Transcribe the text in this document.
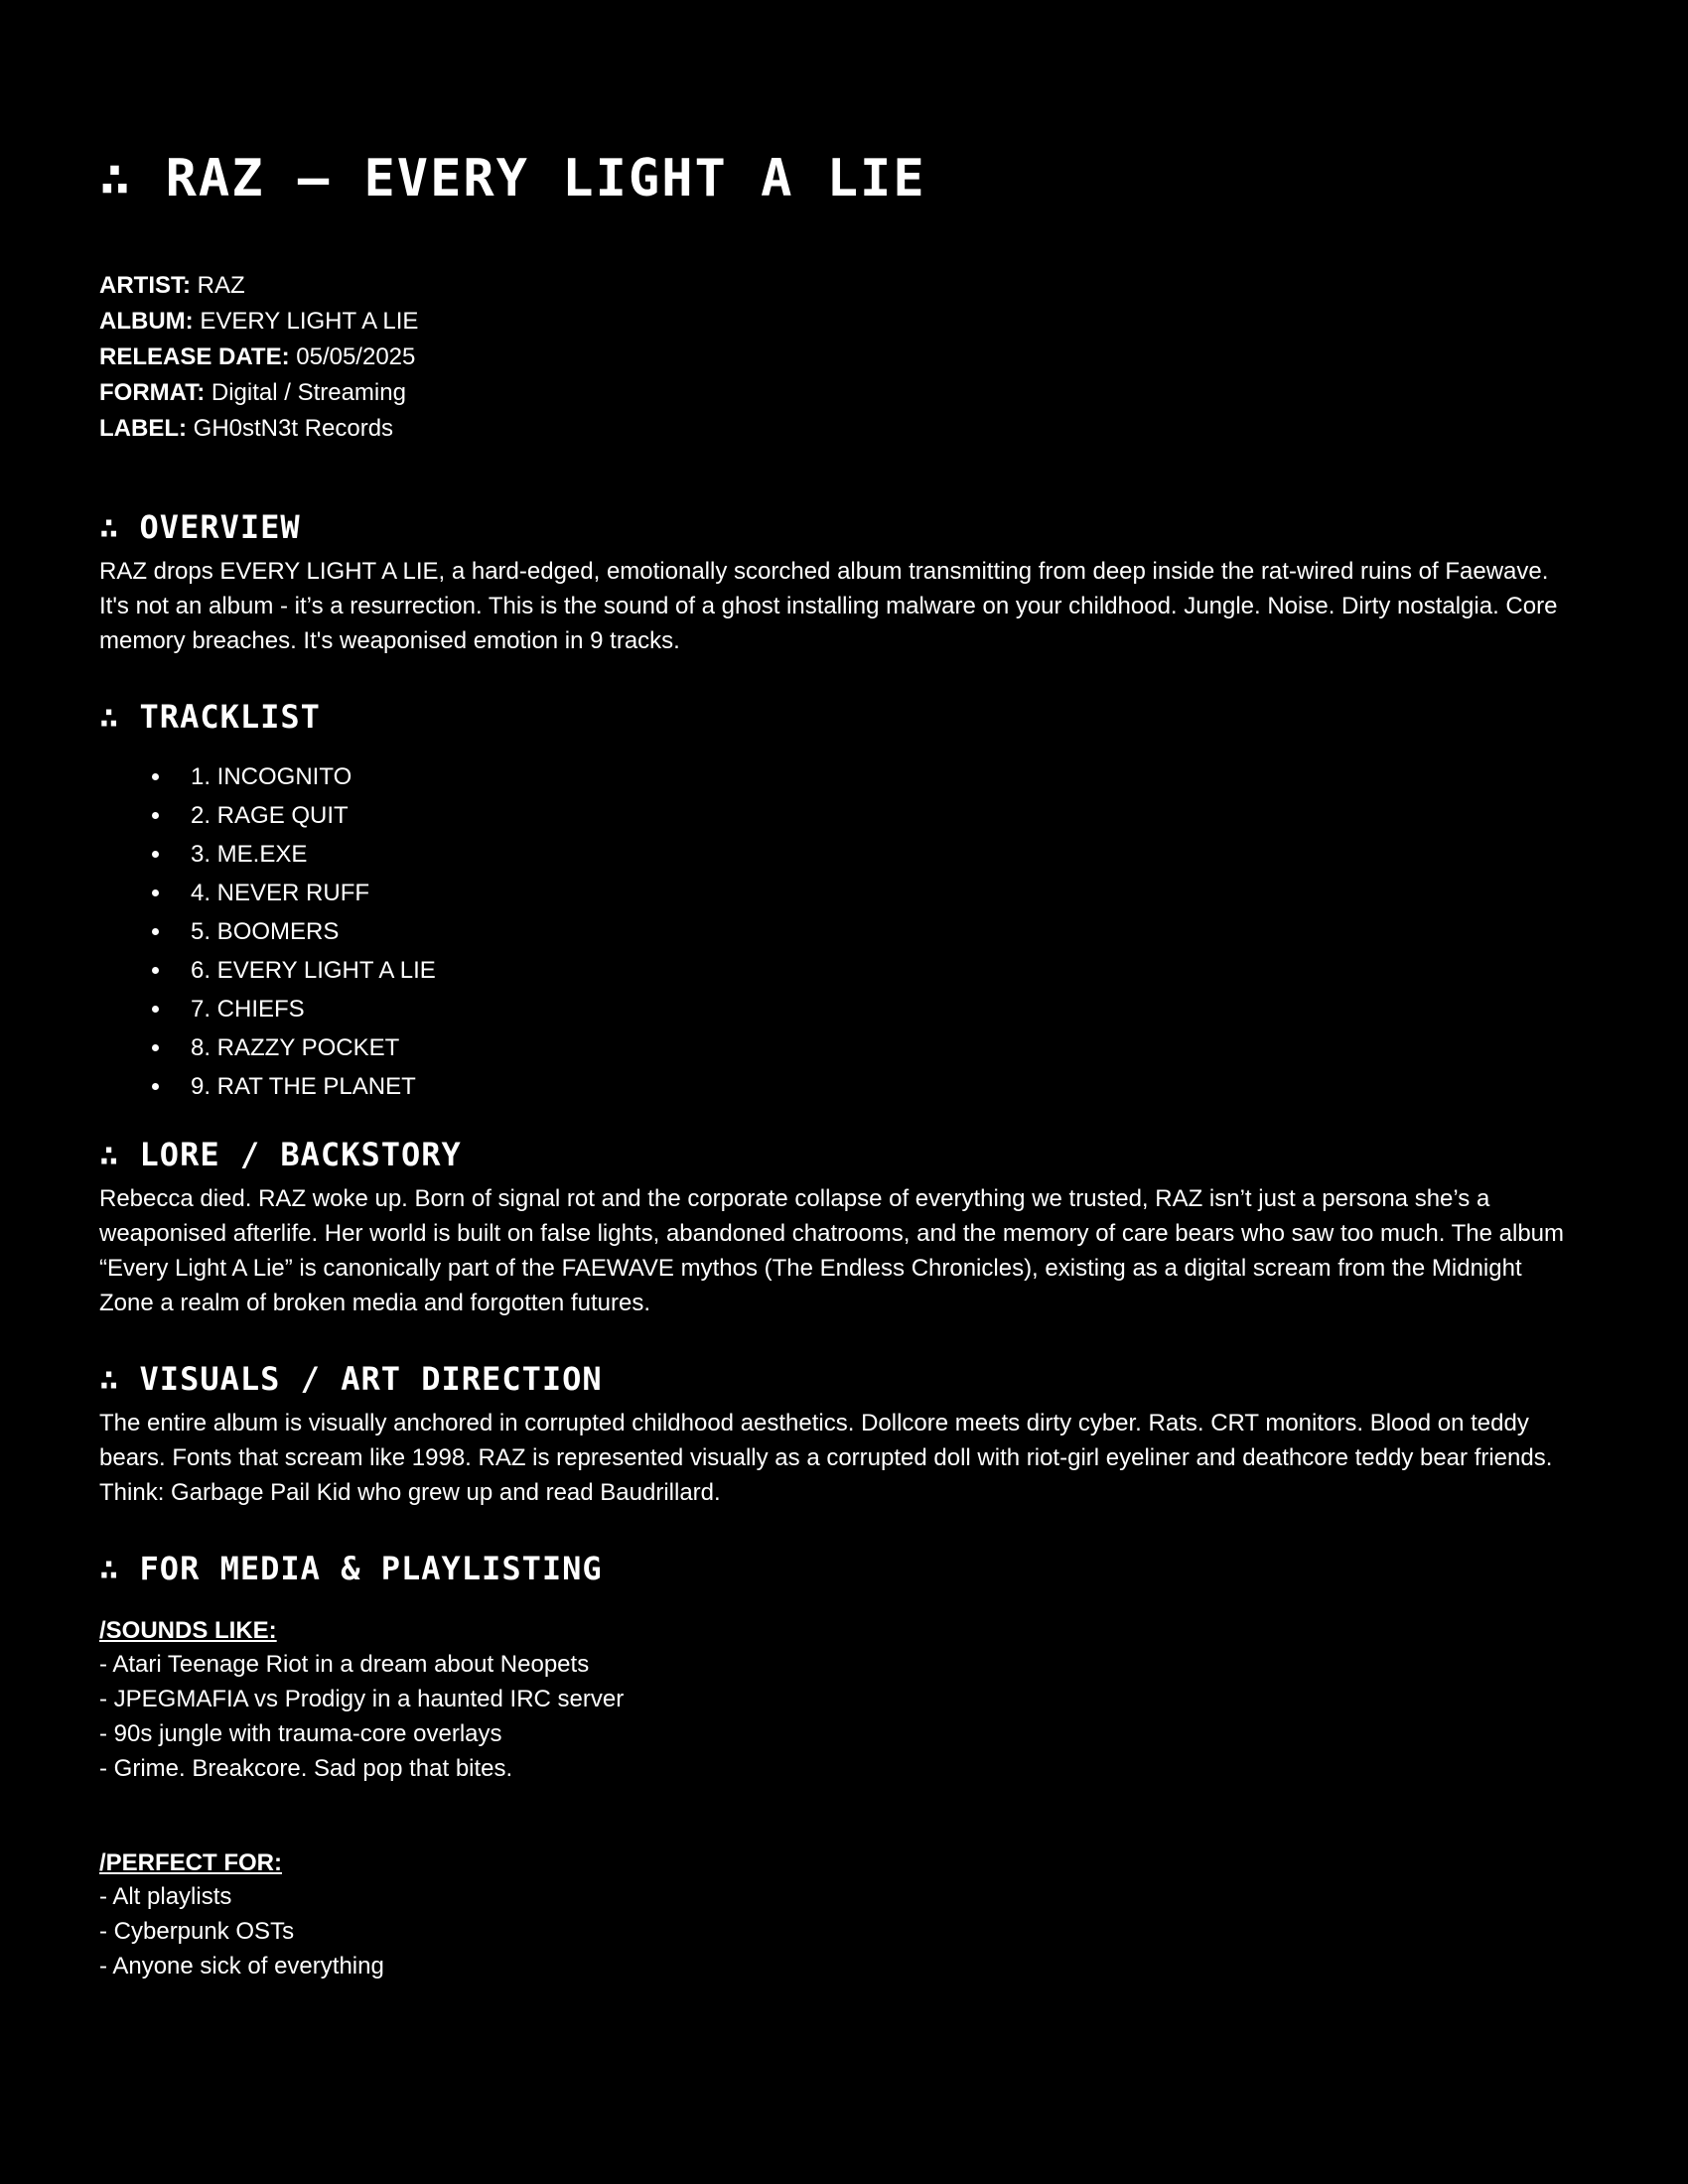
∴ RAZ – EVERY LIGHT A LIE
ARTIST: RAZ
ALBUM: EVERY LIGHT A LIE
RELEASE DATE: 05/05/2025
FORMAT: Digital / Streaming
LABEL: GH0stN3t Records
∴ OVERVIEW

RAZ drops EVERY LIGHT A LIE, a hard-edged, emotionally scorched album transmitting from deep inside the rat-wired ruins of Faewave. It's not an album - it’s a resurrection. This is the sound of a ghost installing malware on your childhood. Jungle. Noise. Dirty nostalgia. Core memory breaches. It's weaponised emotion in 9 tracks.

∴ TRACKLIST
• 1. INCOGNITO
• 2. RAGE QUIT
• 3. ME.EXE
• 4. NEVER RUFF
• 5. BOOMERS
• 6. EVERY LIGHT A LIE
• 7. CHIEFS
• 8. RAZZY POCKET
• 9. RAT THE PLANET
∴ LORE / BACKSTORY

Rebecca died. RAZ woke up. Born of signal rot and the corporate collapse of everything we trusted, RAZ isn’t just a persona she’s a weaponised afterlife. Her world is built on false lights, abandoned chatrooms, and the memory of care bears who saw too much. The album “Every Light A Lie” is canonically part of the FAEWAVE mythos (The Endless Chronicles), existing as a digital scream from the Midnight Zone a realm of broken media and forgotten futures.

∴ VISUALS / ART DIRECTION

The entire album is visually anchored in corrupted childhood aesthetics. Dollcore meets dirty cyber. Rats. CRT monitors. Blood on teddy bears. Fonts that scream like 1998. RAZ is represented visually as a corrupted doll with riot-girl eyeliner and deathcore teddy bear friends. Think: Garbage Pail Kid who grew up and read Baudrillard.

∴ FOR MEDIA & PLAYLISTING
/SOUNDS LIKE:
- Atari Teenage Riot in a dream about Neopets
- JPEGMAFIA vs Prodigy in a haunted IRC server
- 90s jungle with trauma-core overlays
- Grime. Breakcore. Sad pop that bites.
/PERFECT FOR:
- Alt playlists
- Cyberpunk OSTs
- Anyone sick of everything
